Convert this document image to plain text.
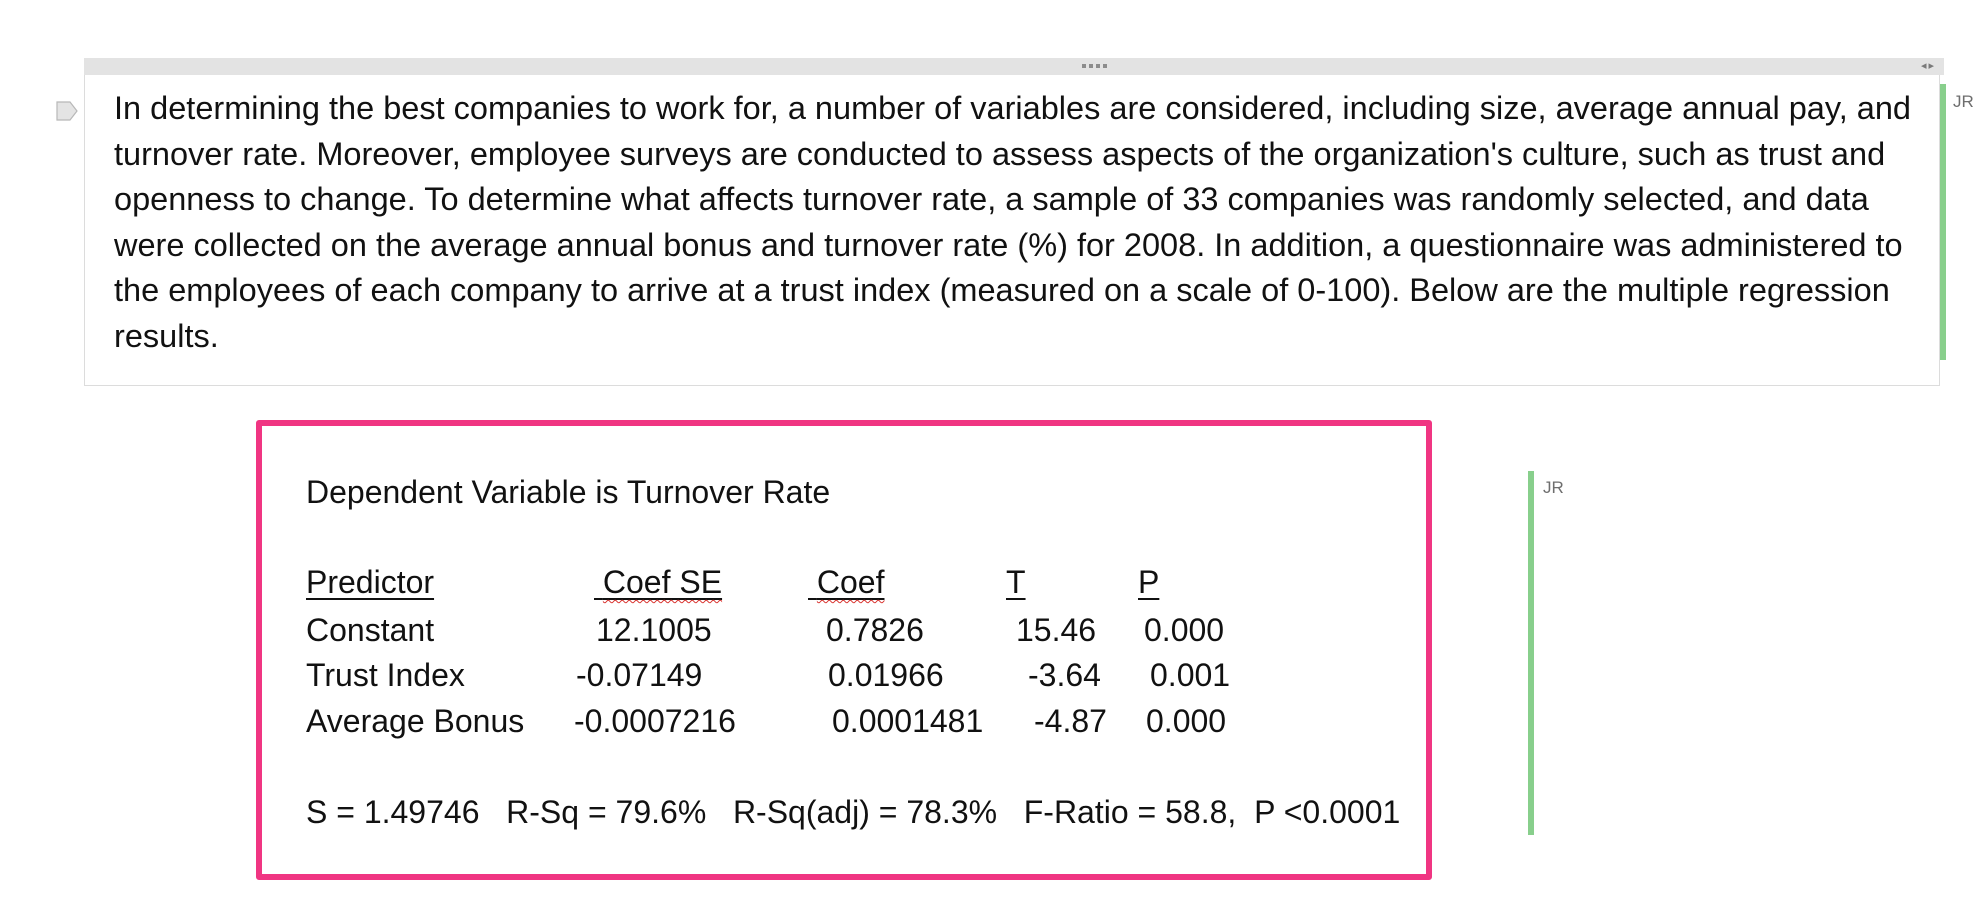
◂▸
In determining the best companies to work for, a number of variables are considered, including size, average annual pay, and turnover rate. Moreover, employee surveys are conducted to assess aspects of the organization's culture, such as trust and openness to change. To determine what affects turnover rate, a sample of 33 companies was randomly selected, and data were collected on the average annual bonus and turnover rate (%) for 2008. In addition, a questionnaire was administered to the employees of each company to arrive at a trust index (measured on a scale of 0-100). Below are the multiple regression results.
JR
Dependent Variable is Turnover Rate
Predictor	Coef SE	Coef	T	P
Constant	12.1005	0.7826	15.46 0.000
Trust Index	-0.07149	0.01966	-3.64 0.001
Average Bonus -0.0007216	0.0001481 -4.87 0.000
S = 1.49746   R-Sq = 79.6%   R-Sq(adj) = 78.3%   F-Ratio = 58.8,  P <0.0001
JR
